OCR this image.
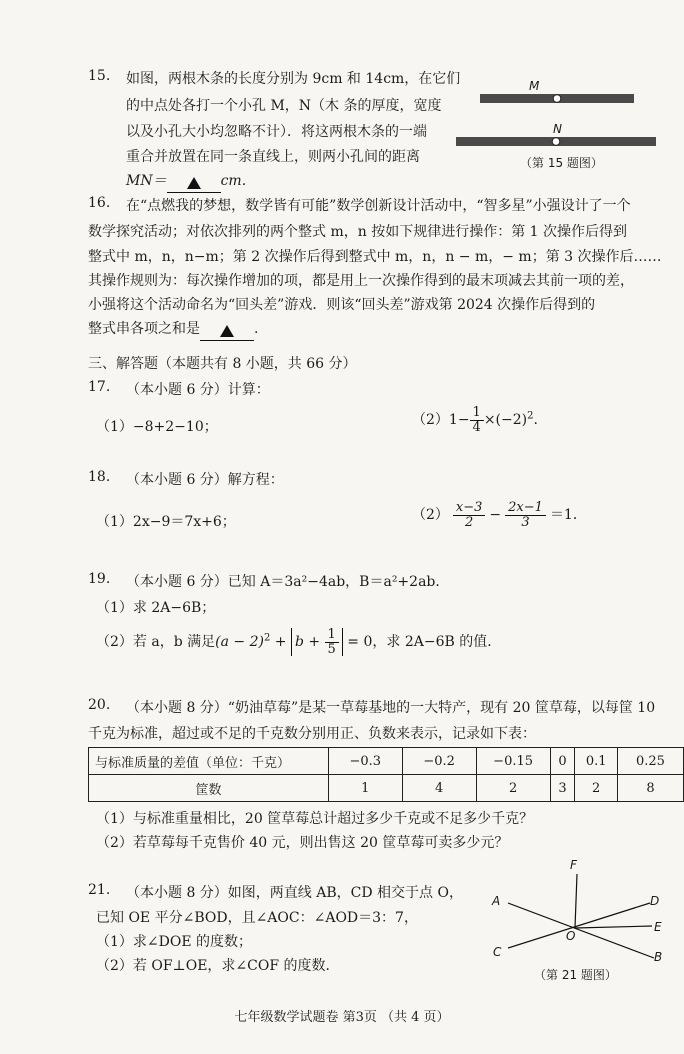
15. 如图，两根木条的长度分别为 9cm 和 14cm，在它们
的中点处各打一个小孔 M，N（木 条的厚度，宽度
以及小孔大小均忽略不计）．将这两根木条的一端
重合并放置在同一条直线上，则两小孔间的距离
MN＝	cm.
M
N
（第 15 题图）
16. 在“点燃我的梦想，数学皆有可能”数学创新设计活动中，“智多星”小强设计了一个
数学探究活动；对依次排列的两个整式 m，n 按如下规律进行操作：第 1 次操作后得到
整式中 m，n，n−m；第 2 次操作后得到整式中 m，n，n − m，− m；第 3 次操作后……
其操作规则为：每次操作增加的项，都是用上一次操作得到的最末项减去其前一项的差，
小强将这个活动命名为“回头差”游戏．则该“回头差”游戏第 2024 次操作后得到的
整式串各项之和是	.
三、解答题（本题共有 8 小题，共 66 分）
17. （本小题 6 分）计算：
（1）−8+2−10；	$(2)1- \frac{1}{4} \times(-2)^2$.
18. （本小题 6 分）解方程：
（1）2x−9＝7x+6；	$(2) \frac{x-3}{2} - \frac{2x-1}{3} =1$．
19. （本小题 6 分）已知 A＝3a²−4ab，B＝a²+2ab．
（1）求 2A−6B；
（2）若 a，b 满足$(a - 2)^2 + b + \frac{1}{5} = 0$，求 2A−6B 的值．
20. （本小题 8 分）“奶油草莓”是某一草莓基地的一大特产，现有 20 筐草莓，以每筐 10
千克为标准，超过或不足的千克数分别用正、负数来表示，记录如下表：
与标准质量的差值（单位：千克）	−0.3	−0.2	−0.15	0	0.1	0.25
筐数	1	4	2	3	2	8
（1）与标准重量相比，20 筐草莓总计超过多少千克或不足多少千克？
（2）若草莓每千克售价 40 元，则出售这 20 筐草莓可卖多少元？
21. （本小题 8 分）如图，两直线 AB，CD 相交于点 O，
已知 OE 平分∠BOD，且∠AOC：∠AOD＝3：7，
（1）求∠DOE 的度数；
（2）若 OF⊥OE，求∠COF 的度数．
F
A	D
E
O
C	B
（第 21 题图）
七年级数学试题卷 第3页 （共 4 页）
